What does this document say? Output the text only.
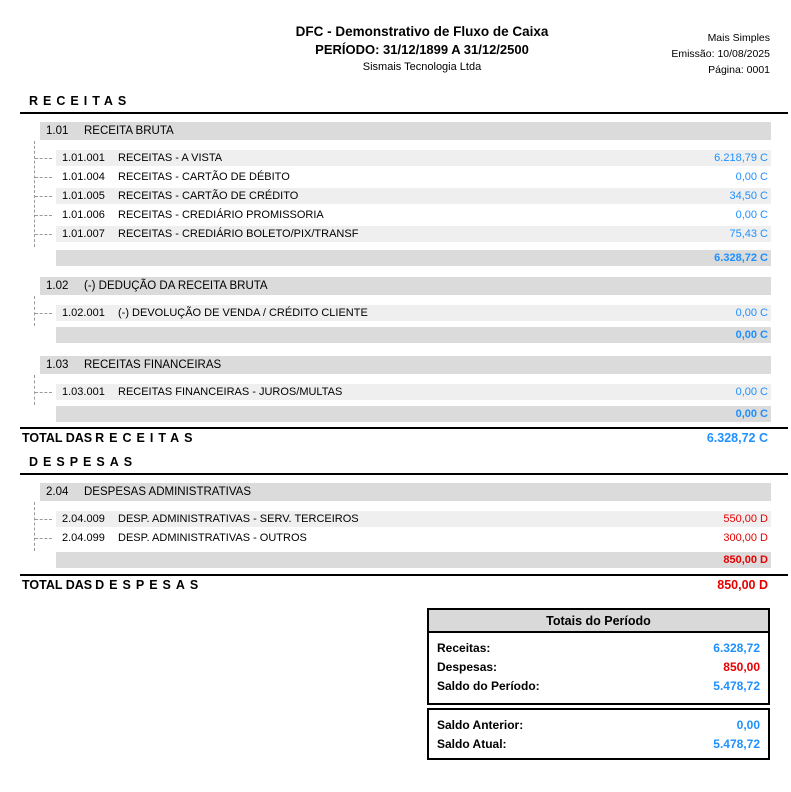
DFC - Demonstrativo de Fluxo de Caixa
PERÍODO: 31/12/1899 A 31/12/2500
Sismais Tecnologia Ltda
Mais Simples
Emissão: 10/08/2025
Página: 0001
RECEITAS
1.01	RECEITA BRUTA
1.01.001	RECEITAS - A VISTA	6.218,79 C
1.01.004	RECEITAS - CARTÃO DE DÉBITO	0,00 C
1.01.005	RECEITAS - CARTÃO DE CRÉDITO	34,50 C
1.01.006	RECEITAS - CREDIÁRIO PROMISSORIA	0,00 C
1.01.007	RECEITAS - CREDIÁRIO BOLETO/PIX/TRANSF	75,43 C
6.328,72 C
1.02	(-) DEDUÇÃO DA RECEITA BRUTA
1.02.001	(-) DEVOLUÇÃO DE VENDA / CRÉDITO CLIENTE	0,00 C
0,00 C
1.03	RECEITAS FINANCEIRAS
1.03.001	RECEITAS FINANCEIRAS - JUROS/MULTAS	0,00 C
0,00 C
TOTAL DAS RECEITAS	6.328,72 C
DESPESAS
2.04	DESPESAS ADMINISTRATIVAS
2.04.009	DESP. ADMINISTRATIVAS - SERV. TERCEIROS	550,00 D
2.04.099	DESP. ADMINISTRATIVAS - OUTROS	300,00 D
850,00 D
TOTAL DAS DESPESAS	850,00 D
Totais do Período
Receitas:	6.328,72
Despesas:	850,00
Saldo do Período:	5.478,72
Saldo Anterior:	0,00
Saldo Atual:	5.478,72
